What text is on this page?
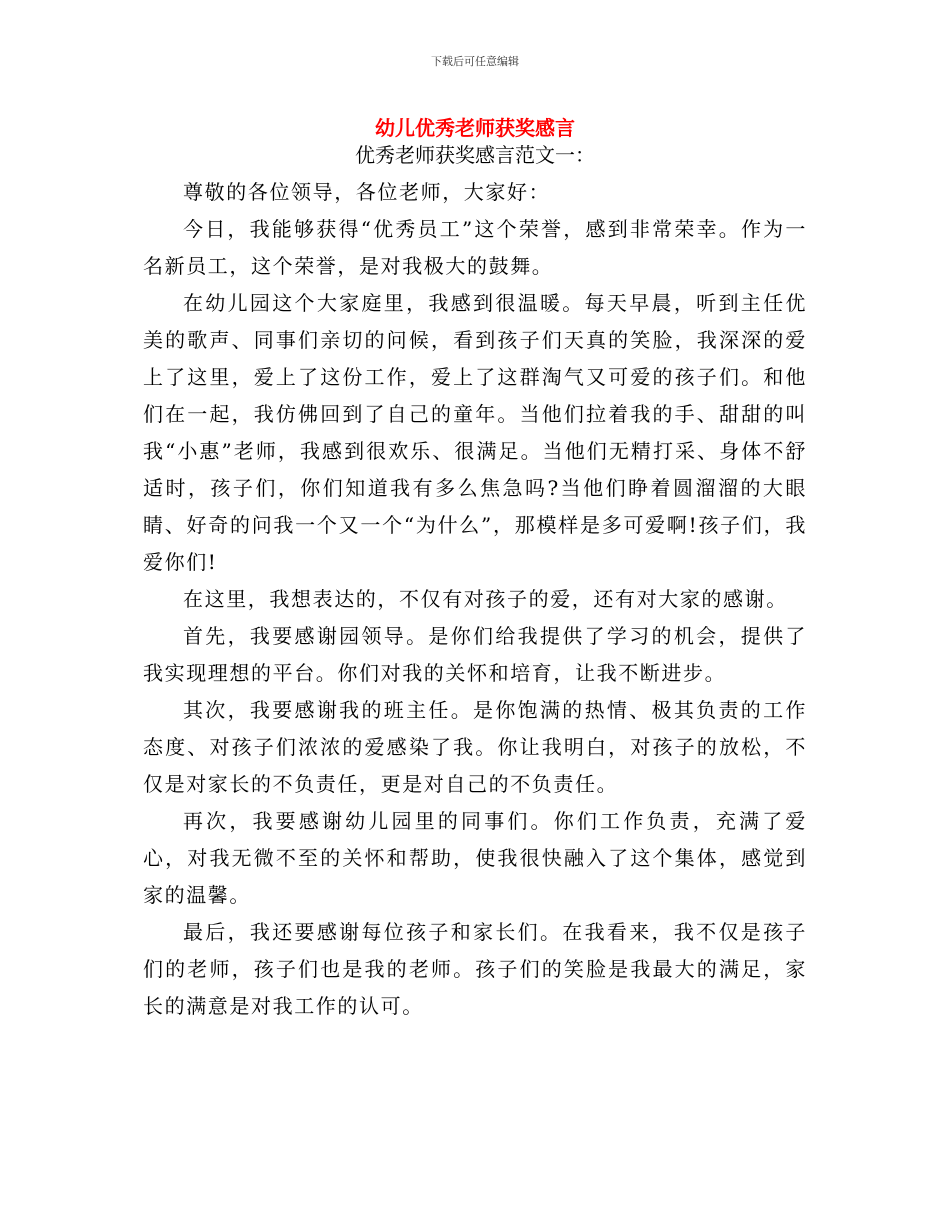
下载后可任意编辑
幼儿优秀老师获奖感言
优秀老师获奖感言范文一：

尊敬的各位领导，各位老师，大家好：

今日，我能够获得“优秀员工”这个荣誉，感到非常荣幸。作为一名新员工，这个荣誉，是对我极大的鼓舞。

在幼儿园这个大家庭里，我感到很温暖。每天早晨，听到主任优美的歌声、同事们亲切的问候，看到孩子们天真的笑脸，我深深的爱上了这里，爱上了这份工作，爱上了这群淘气又可爱的孩子们。和他们在一起，我仿佛回到了自己的童年。当他们拉着我的手、甜甜的叫我“小惠”老师，我感到很欢乐、很满足。当他们无精打采、身体不舒适时，孩子们，你们知道我有多么焦急吗?当他们睁着圆溜溜的大眼睛、好奇的问我一个又一个“为什么”，那模样是多可爱啊!孩子们，我爱你们!

在这里，我想表达的，不仅有对孩子的爱，还有对大家的感谢。

首先，我要感谢园领导。是你们给我提供了学习的机会，提供了我实现理想的平台。你们对我的关怀和培育，让我不断进步。

其次，我要感谢我的班主任。是你饱满的热情、极其负责的工作态度、对孩子们浓浓的爱感染了我。你让我明白，对孩子的放松，不仅是对家长的不负责任，更是对自己的不负责任。

再次，我要感谢幼儿园里的同事们。你们工作负责，充满了爱心，对我无微不至的关怀和帮助，使我很快融入了这个集体，感觉到家的温馨。

最后，我还要感谢每位孩子和家长们。在我看来，我不仅是孩子们的老师，孩子们也是我的老师。孩子们的笑脸是我最大的满足，家长的满意是对我工作的认可。
